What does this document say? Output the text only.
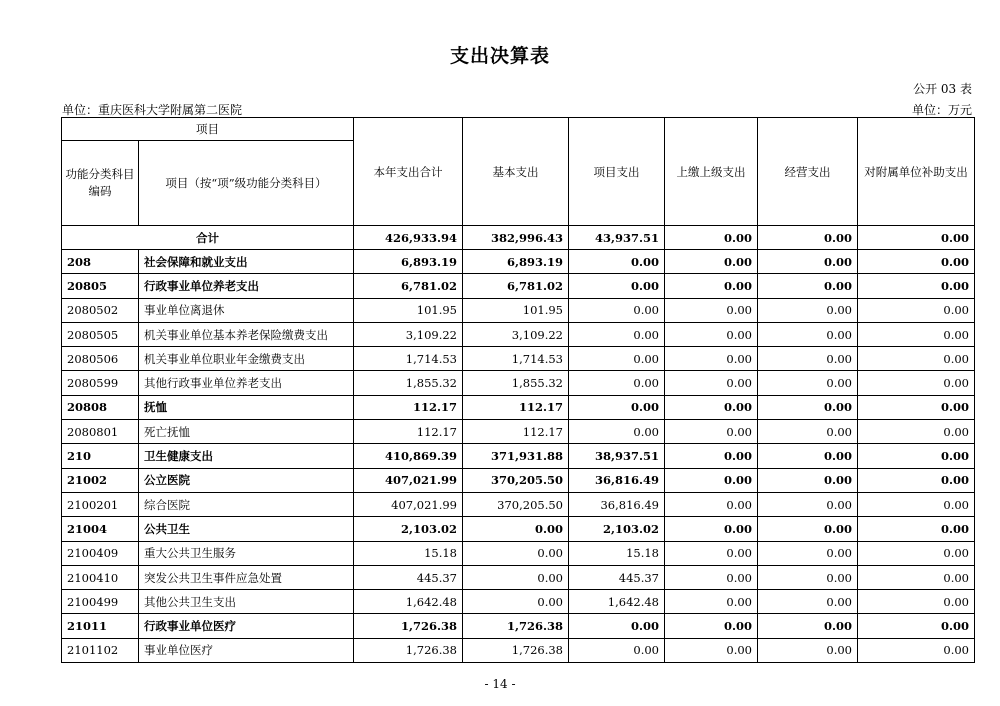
支出决算表
公开 03 表
单位：重庆医科大学附属第二医院	单位：万元
项目		本年支出合计	基本支出	项目支出	上缴上级支出	经营支出	对附属单位补助支出

功能分类科目编码	项目（按“项”级功能分类科目）						
合计		426,933.94	382,996.43	43,937.51	0.00	0.00	0.00
208	社会保障和就业支出	6,893.19	6,893.19	0.00	0.00	0.00	0.00
20805	行政事业单位养老支出	6,781.02	6,781.02	0.00	0.00	0.00	0.00
2080502	事业单位离退休	101.95	101.95	0.00	0.00	0.00	0.00
2080505	机关事业单位基本养老保险缴费支出	3,109.22	3,109.22	0.00	0.00	0.00	0.00
2080506	机关事业单位职业年金缴费支出	1,714.53	1,714.53	0.00	0.00	0.00	0.00
2080599	其他行政事业单位养老支出	1,855.32	1,855.32	0.00	0.00	0.00	0.00
20808	抚恤	112.17	112.17	0.00	0.00	0.00	0.00
2080801	死亡抚恤	112.17	112.17	0.00	0.00	0.00	0.00
210	卫生健康支出	410,869.39	371,931.88	38,937.51	0.00	0.00	0.00
21002	公立医院	407,021.99	370,205.50	36,816.49	0.00	0.00	0.00
2100201	综合医院	407,021.99	370,205.50	36,816.49	0.00	0.00	0.00
21004	公共卫生	2,103.02	0.00	2,103.02	0.00	0.00	0.00
2100409	重大公共卫生服务	15.18	0.00	15.18	0.00	0.00	0.00
2100410	突发公共卫生事件应急处置	445.37	0.00	445.37	0.00	0.00	0.00
2100499	其他公共卫生支出	1,642.48	0.00	1,642.48	0.00	0.00	0.00
21011	行政事业单位医疗	1,726.38	1,726.38	0.00	0.00	0.00	0.00
2101102	事业单位医疗	1,726.38	1,726.38	0.00	0.00	0.00	0.00
- 14 -
